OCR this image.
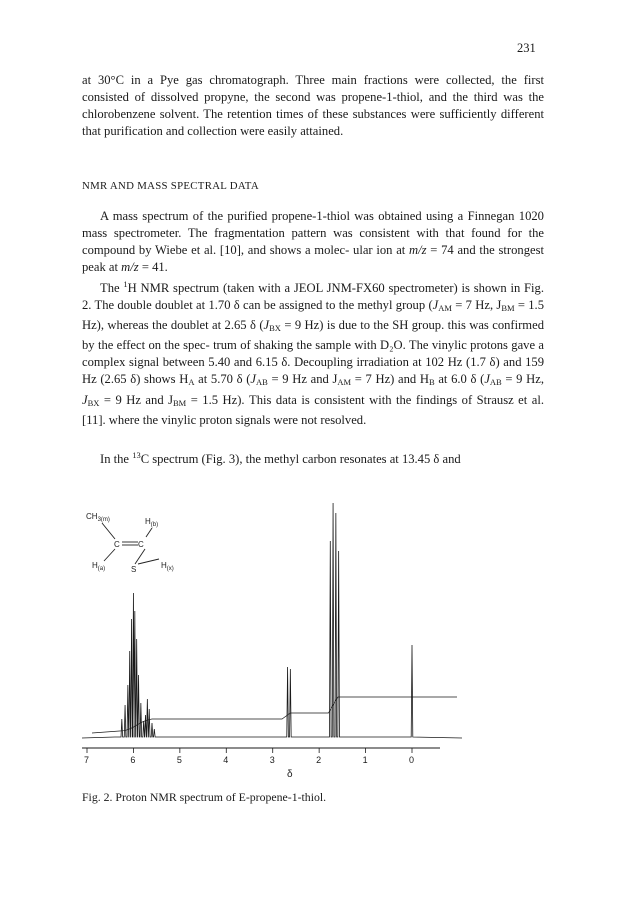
231

at 30°C in a Pye gas chromatograph. Three main fractions were collected, the first consisted of dissolved propyne, the second was propene-1-thiol, and the third was the chlorobenzene solvent. The retention times of these substances were sufficiently different that purification and collection were easily attained.

NMR AND MASS SPECTRAL DATA

A mass spectrum of the purified propene-1-thiol was obtained using a Finnegan 1020 mass spectrometer. The fragmentation pattern was consistent with that found for the compound by Wiebe et al. [10], and shows a molec- ular ion at m/z = 74 and the strongest peak at m/z = 41.

The $^1$H NMR spectrum (taken with a JEOL JNM-FX60 spectrometer) is shown in Fig. 2. The double doublet at 1.70 δ can be assigned to the methyl group ($J_{AM} = 7$ Hz, $J_{BM} = 1.5$ Hz), whereas the doublet at 2.65 δ ($J_{BX} = 9$ Hz) is due to the SH group. this was confirmed by the effect on the spec- trum of shaking the sample with D₂O. The vinylic protons gave a complex signal between 5.40 and 6.15 δ. Decoupling irradiation at 102 Hz (1.7 δ) and 159 Hz (2.65 δ) shows $H_A$ at 5.70 δ ($J_{AB} = 9$ Hz and $J_{AM} = 7$ Hz) and $H_B$ at 6.0 δ ($J_{AB} = 9$ Hz, $J_{BX} = 9$ Hz and $J_{BM} = 1.5$ Hz). This data is consistent with the findings of Strausz et al. [11]. where the vinylic proton signals were not resolved.

In the $^{13}$C spectrum (Fig. 3), the methyl carbon resonates at 13.45 δ and

$CH_{3(m)}$	$H_{(b)}$
C C
$H_{(a)}$	S	$H_{(x)}$
7	6	5	4	3	2	1	0
δ
Fig. 2. Proton NMR spectrum of E-propene-1-thiol.
